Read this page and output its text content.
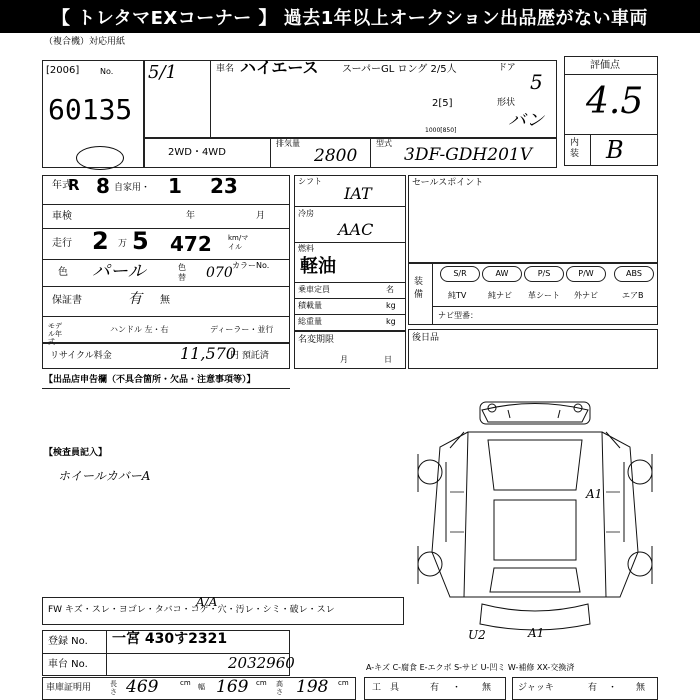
【 トレタマEXコーナー 】 過去1年以上オークション出品歴がない車両
（複合機）対応用紙
[2006]	No.
60135
5/1	車名 ハイエース スーパーGL ロング 2/5人	ドア
5
2[5]	形状
バン
1000[850]
評価点
4.5
内装 B
2WD・4WD
排気量
2800
型式
3DF-GDH201V
年式
R 8 自家用・ 1 23
車検	年	月
走行 2 万 5 472 km/マイル
色 パール	色替
カラーNo.
070
保証書	有 無
モデル年式
ハンドル 左・右	ディーラー・並行
リサイクル料金	11,570
円 預託済
シフト
IAT
冷房
AAC
燃料
軽油
乗車定員	名
積載量	kg
総重量	kg
名変期限
月	日
セールスポイント
装備
S/R	AW	P/S	P/W	ABS
純TV	純ナビ 革シート 外ナビ	エアB
ナビ型番：
後日品
【出品店申告欄（不具合箇所・欠品・注意事項等）】
【検査員記入】
ホイールカバーA
A1
U2	A1
FW キズ・スレ・ヨゴレ・タバコ・コゲ・穴・汚レ・シミ・破レ・スレ
A/A
登録 No. 一宮 430す2321
車台 No.	2032960
車庫証明用	長さ 469	cm 幅 169 cm 高さ 198 cm
A-キズ C-腐食 E-エクボ S-サビ U-凹ミ W-補修 XX-交換済
工　具	有 ・ 無	ジャッキ	有 ・ 無
